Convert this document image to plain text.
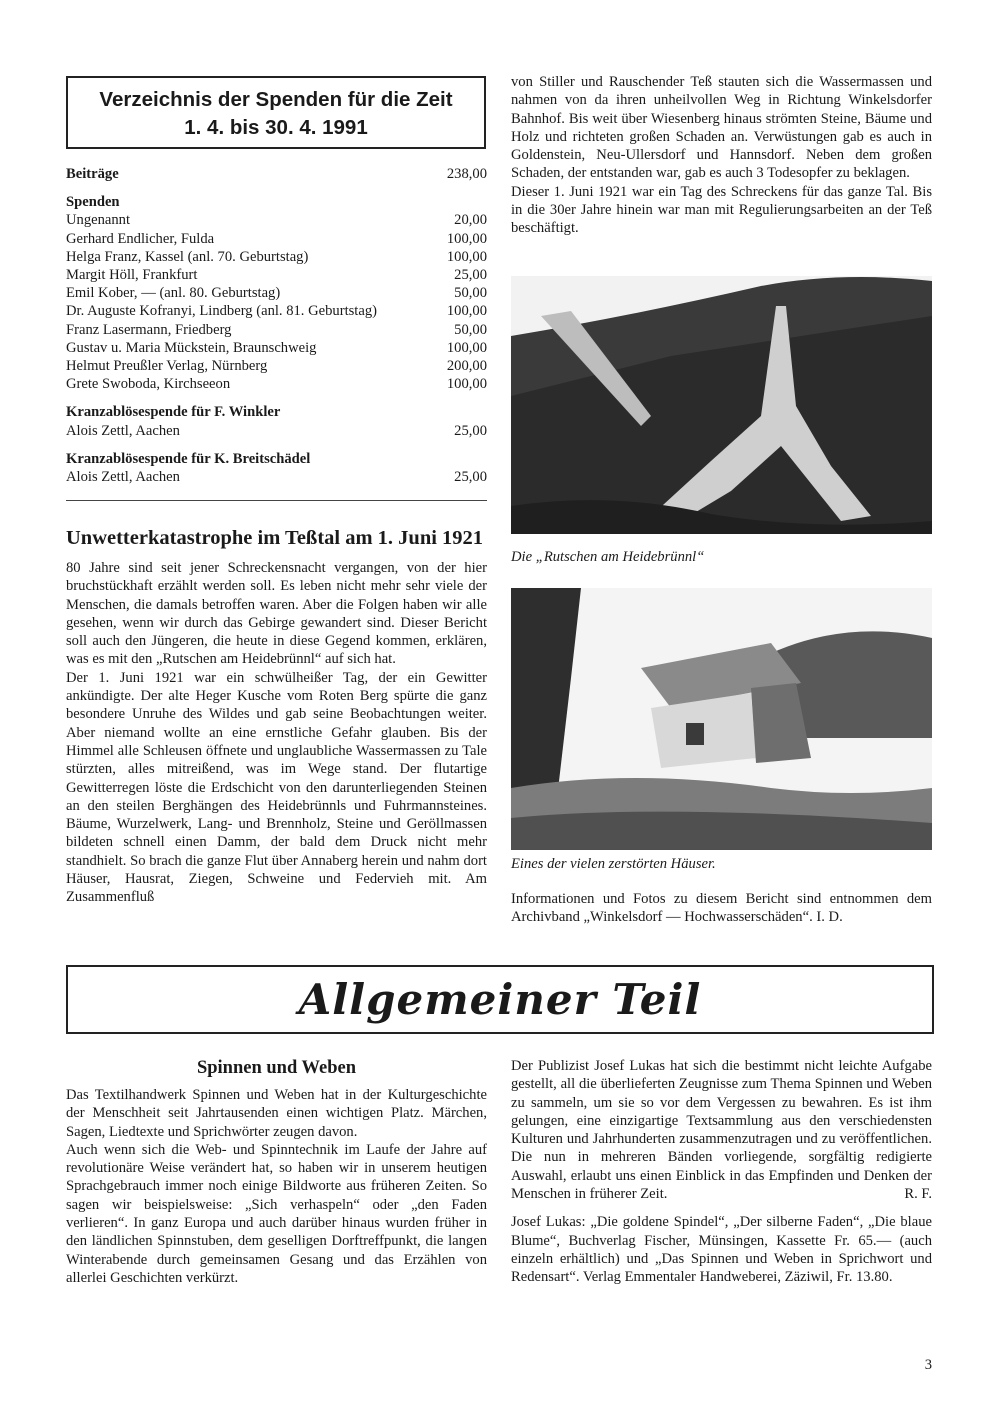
Verzeichnis der Spenden für die Zeit
1. 4. bis 30. 4. 1991
Beiträge	238,00
Spenden
Ungenannt	20,00
Gerhard Endlicher, Fulda	100,00
Helga Franz, Kassel (anl. 70. Geburtstag)	100,00
Margit Höll, Frankfurt	25,00
Emil Kober, — (anl. 80. Geburtstag)	50,00
Dr. Auguste Kofranyi, Lindberg (anl. 81. Geburtstag)	100,00
Franz Lasermann, Friedberg	50,00
Gustav u. Maria Mückstein, Braunschweig	100,00
Helmut Preußler Verlag, Nürnberg	200,00
Grete Swoboda, Kirchseeon	100,00
Kranzablösespende für F. Winkler
Alois Zettl, Aachen	25,00
Kranzablösespende für K. Breitschädel
Alois Zettl, Aachen	25,00
Unwetterkatastrophe im Teßtal am 1. Juni 1921

80 Jahre sind seit jener Schreckensnacht vergangen, von der hier bruchstückhaft erzählt werden soll. Es leben nicht mehr sehr viele der Menschen, die damals betroffen waren. Aber die Folgen haben wir alle gesehen, wenn wir durch das Gebirge gewandert sind. Dieser Bericht soll auch den Jüngeren, die heute in diese Gegend kommen, erklären, was es mit den „Rutschen am Heidebrünnl“ auf sich hat.

Der 1. Juni 1921 war ein schwülheißer Tag, der ein Gewitter ankündigte. Der alte Heger Kusche vom Roten Berg spürte die ganz besondere Unruhe des Wildes und gab seine Beobachtungen weiter. Aber niemand wollte an eine ernstliche Gefahr glauben. Bis der Himmel alle Schleusen öffnete und unglaubliche Wassermassen zu Tale stürzten, alles mitreißend, was im Wege stand. Der flutartige Gewitterregen löste die Erdschicht von den darunterliegenden Steinen an den steilen Berghängen des Heidebrünnls und Fuhrmannsteines. Bäume, Wurzelwerk, Lang- und Brennholz, Steine und Geröllmassen bildeten schnell einen Damm, der bald dem Druck nicht mehr standhielt. So brach die ganze Flut über Annaberg herein und nahm dort Häuser, Hausrat, Ziegen, Schweine und Federvieh mit. Am Zusammenfluß

von Stiller und Rauschender Teß stauten sich die Wassermassen und nahmen von da ihren unheilvollen Weg in Richtung Winkelsdorfer Bahnhof. Bis weit über Wiesenberg hinaus strömten Steine, Bäume und Holz und richteten großen Schaden an. Verwüstungen gab es auch in Goldenstein, Neu-Ullersdorf und Hannsdorf. Neben dem großen Schaden, der entstanden war, gab es auch 3 Todesopfer zu beklagen.

Dieser 1. Juni 1921 war ein Tag des Schreckens für das ganze Tal. Bis in die 30er Jahre hinein war man mit Regulierungsarbeiten an der Teß beschäftigt.

Die „Rutschen am Heidebrünnl“
Eines der vielen zerstörten Häuser.
Informationen und Fotos zu diesem Bericht sind entnommen dem Archivband „Winkelsdorf — Hochwasserschäden“. I. D.
Allgemeiner Teil
Spinnen und Weben

Das Textilhandwerk Spinnen und Weben hat in der Kulturgeschichte der Menschheit seit Jahrtausenden einen wichtigen Platz. Märchen, Sagen, Liedtexte und Sprichwörter zeugen davon.

Auch wenn sich die Web- und Spinntechnik im Laufe der Jahre auf revolutionäre Weise verändert hat, so haben wir in unserem heutigen Sprachgebrauch immer noch einige Bildworte aus früheren Zeiten. So sagen wir beispielsweise: „Sich verhaspeln“ oder „den Faden verlieren“. In ganz Europa und auch darüber hinaus wurden früher in den ländlichen Spinnstuben, dem geselligen Dorftreffpunkt, die langen Winterabende durch gemeinsamen Gesang und das Erzählen von allerlei Geschichten verkürzt.

Der Publizist Josef Lukas hat sich die bestimmt nicht leichte Aufgabe gestellt, all die überlieferten Zeugnisse zum Thema Spinnen und Weben zu sammeln, um sie so vor dem Vergessen zu bewahren. Es ist ihm gelungen, eine einzigartige Textsammlung aus den verschiedensten Kulturen und Jahrhunderten zusammenzutragen und zu veröffentlichen. Die nun in mehreren Bänden vorliegende, sorgfältig redigierte Auswahl, erlaubt uns einen Einblick in das Empfinden und Denken der Menschen in früherer Zeit.	R. F.

Josef Lukas: „Die goldene Spindel“, „Der silberne Faden“, „Die blaue Blume“, Buchverlag Fischer, Münsingen, Kassette Fr. 65.— (auch einzeln erhältlich) und „Das Spinnen und Weben in Sprichwort und Redensart“. Verlag Emmentaler Handweberei, Zäziwil, Fr. 13.80.

3
